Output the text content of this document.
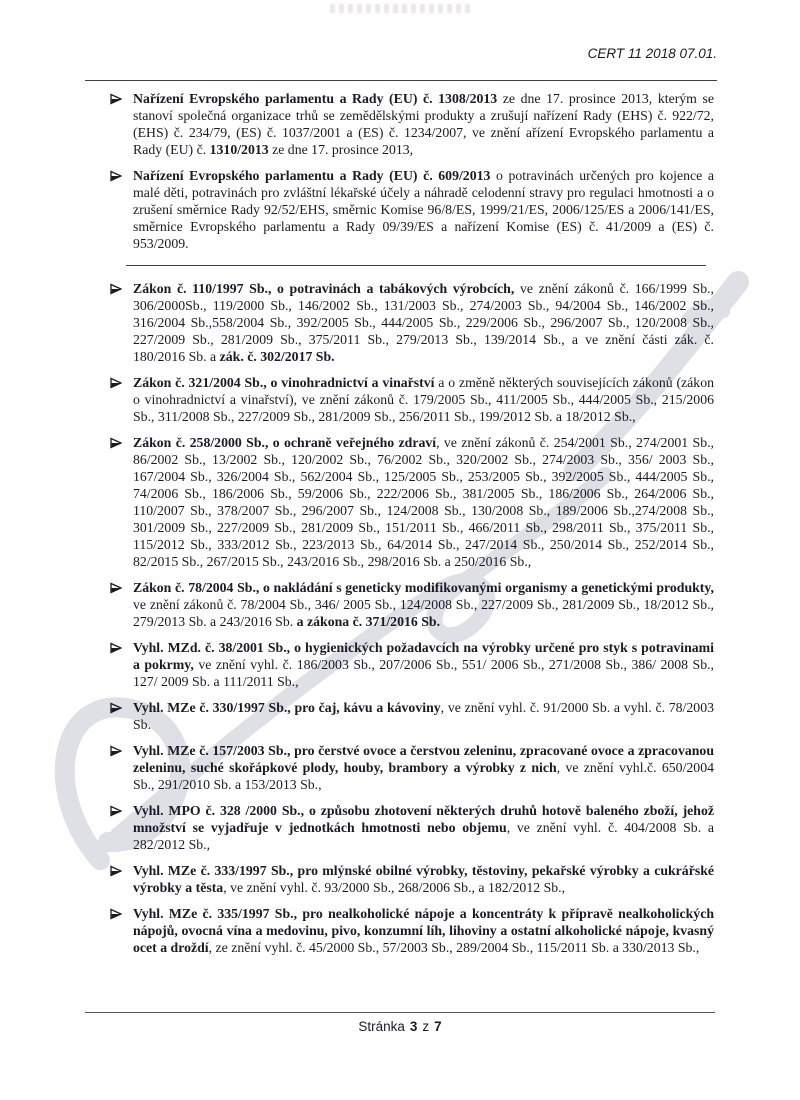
CERT 11 2018 07.01.
Nařízení Evropského parlamentu a Rady (EU) č. 1308/2013 ze dne 17. prosince 2013, kterým se stanoví společná organizace trhů se zemědělskými produkty a zrušují nařízení Rady (EHS) č. 922/72, (EHS) č. 234/79, (ES) č. 1037/2001 a (ES) č. 1234/2007, ve znění ařízení Evropského parlamentu a Rady (EU) č. 1310/2013 ze dne 17. prosince 2013,
Nařízení Evropského parlamentu a Rady (EU) č. 609/2013 o potravinách určených pro kojence a malé děti, potravinách pro zvláštní lékařské účely a náhradě celodenní stravy pro regulaci hmotnosti a o zrušení směrnice Rady 92/52/EHS, směrnic Komise 96/8/ES, 1999/21/ES, 2006/125/ES a 2006/141/ES, směrnice Evropského parlamentu a Rady 09/39/ES a nařízení Komise (ES) č. 41/2009 a (ES) č. 953/2009.
Zákon č. 110/1997 Sb., o potravinách a tabákových výrobcích, ve znění zákonů č. 166/1999 Sb., 306/2000Sb., 119/2000 Sb., 146/2002 Sb., 131/2003 Sb., 274/2003 Sb., 94/2004 Sb., 146/2002 Sb., 316/2004 Sb.,558/2004 Sb., 392/2005 Sb., 444/2005 Sb., 229/2006 Sb., 296/2007 Sb., 120/2008 Sb., 227/2009 Sb., 281/2009 Sb., 375/2011 Sb., 279/2013 Sb., 139/2014 Sb., a ve znění části zák. č. 180/2016 Sb. a zák. č. 302/2017 Sb.
Zákon č. 321/2004 Sb., o vinohradnictví a vinařství a o změně některých souvisejících zákonů (zákon o vinohradnictví a vinařství), ve znění zákonů č. 179/2005 Sb., 411/2005 Sb., 444/2005 Sb., 215/2006 Sb., 311/2008 Sb., 227/2009 Sb., 281/2009 Sb., 256/2011 Sb., 199/2012 Sb. a 18/2012 Sb.,
Zákon č. 258/2000 Sb., o ochraně veřejného zdraví, ve znění zákonů č. 254/2001 Sb., 274/2001 Sb., 86/2002 Sb., 13/2002 Sb., 120/2002 Sb., 76/2002 Sb., 320/2002 Sb., 274/2003 Sb., 356/ 2003 Sb., 167/2004 Sb., 326/2004 Sb., 562/2004 Sb., 125/2005 Sb., 253/2005 Sb., 392/2005 Sb., 444/2005 Sb., 74/2006 Sb., 186/2006 Sb., 59/2006 Sb., 222/2006 Sb., 381/2005 Sb., 186/2006 Sb., 264/2006 Sb., 110/2007 Sb., 378/2007 Sb., 296/2007 Sb., 124/2008 Sb., 130/2008 Sb., 189/2006 Sb.,274/2008 Sb., 301/2009 Sb., 227/2009 Sb., 281/2009 Sb., 151/2011 Sb., 466/2011 Sb., 298/2011 Sb., 375/2011 Sb., 115/2012 Sb., 333/2012 Sb., 223/2013 Sb., 64/2014 Sb., 247/2014 Sb., 250/2014 Sb., 252/2014 Sb., 82/2015 Sb., 267/2015 Sb., 243/2016 Sb., 298/2016 Sb. a 250/2016 Sb.,
Zákon č. 78/2004 Sb., o nakládání s geneticky modifikovanými organismy a genetickými produkty, ve znění zákonů č. 78/2004 Sb., 346/ 2005 Sb., 124/2008 Sb., 227/2009 Sb., 281/2009 Sb., 18/2012 Sb., 279/2013 Sb. a 243/2016 Sb. a zákona č. 371/2016 Sb.
Vyhl. MZd. č. 38/2001 Sb., o hygienických požadavcích na výrobky určené pro styk s potravinami a pokrmy, ve znění vyhl. č. 186/2003 Sb., 207/2006 Sb., 551/ 2006 Sb., 271/2008 Sb., 386/ 2008 Sb., 127/ 2009 Sb. a 111/2011 Sb.,
Vyhl. MZe č. 330/1997 Sb., pro čaj, kávu a kávoviny, ve znění vyhl. č. 91/2000 Sb. a vyhl. č. 78/2003 Sb.
Vyhl. MZe č. 157/2003 Sb., pro čerstvé ovoce a čerstvou zeleninu, zpracované ovoce a zpracovanou zeleninu, suché skořápkové plody, houby, brambory a výrobky z nich, ve znění vyhl.č. 650/2004 Sb., 291/2010 Sb. a 153/2013 Sb.,
Vyhl. MPO č. 328 /2000 Sb., o způsobu zhotovení některých druhů hotově baleného zboží, jehož množství se vyjadřuje v jednotkách hmotnosti nebo objemu, ve znění vyhl. č. 404/2008 Sb. a 282/2012 Sb.,
Vyhl. MZe č. 333/1997 Sb., pro mlýnské obilné výrobky, těstoviny, pekařské výrobky a cukrářské výrobky a těsta, ve znění vyhl. č. 93/2000 Sb., 268/2006 Sb., a 182/2012 Sb.,
Vyhl. MZe č. 335/1997 Sb., pro nealkoholické nápoje a koncentráty k přípravě nealkoholických nápojů, ovocná vína a medovinu, pivo, konzumní líh, lihoviny a ostatní alkoholické nápoje, kvasný ocet a droždí, ze znění vyhl. č. 45/2000 Sb., 57/2003 Sb., 289/2004 Sb., 115/2011 Sb. a 330/2013 Sb.,
Stránka 3 z 7
